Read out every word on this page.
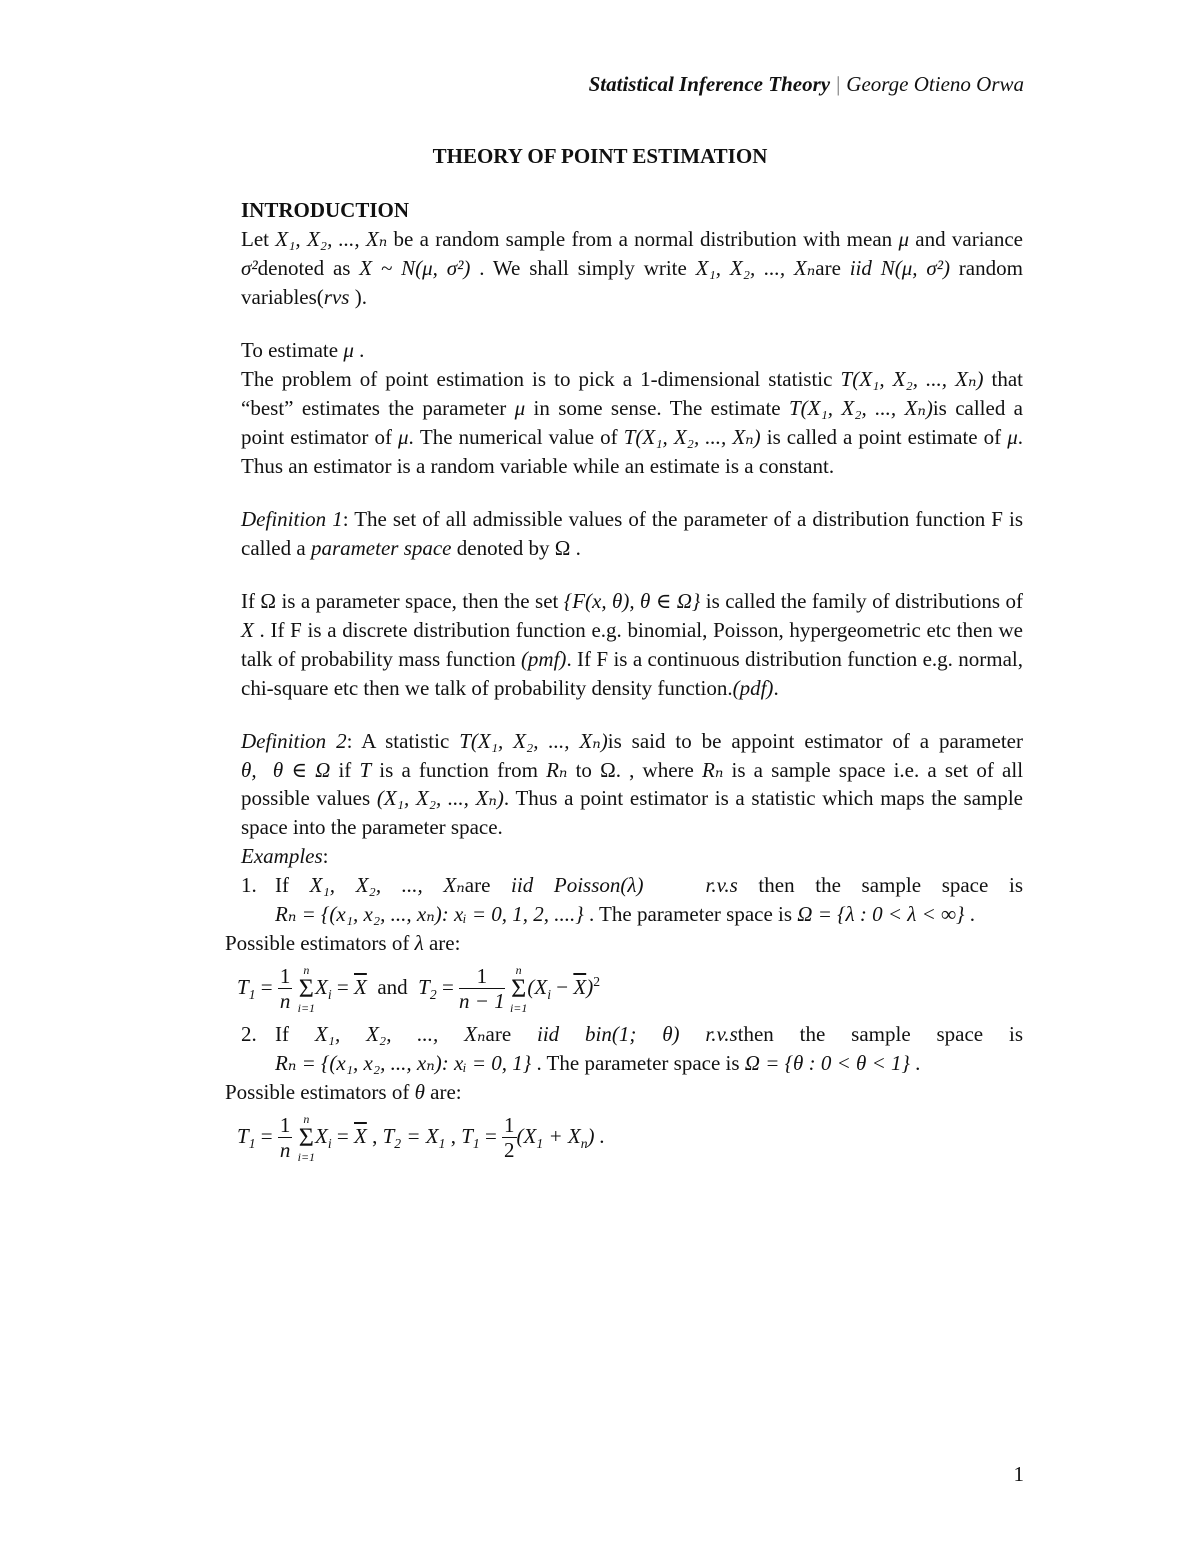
Statistical Inference Theory | George Otieno Orwa
THEORY OF POINT ESTIMATION

INTRODUCTION

Let X₁, X₂, ..., Xₙ be a random sample from a normal distribution with mean μ and variance σ²denoted as X ~ N(μ, σ²) . We shall simply write X₁, X₂, ..., Xₙare iid N(μ, σ²) random variables(rvs ).

To estimate μ .

The problem of point estimation is to pick a 1-dimensional statistic T(X₁, X₂, ..., Xₙ) that “best” estimates the parameter μ in some sense. The estimate T(X₁, X₂, ..., Xₙ)is called a point estimator of μ. The numerical value of T(X₁, X₂, ..., Xₙ) is called a point estimate of μ. Thus an estimator is a random variable while an estimate is a constant.

Definition 1: The set of all admissible values of the parameter of a distribution function F is called a parameter space denoted by Ω .

If Ω is a parameter space, then the set {F(x, θ), θ ∈ Ω} is called the family of distributions of X . If F is a discrete distribution function e.g. binomial, Poisson, hypergeometric etc then we talk of probability mass function (pmf). If F is a continuous distribution function e.g. normal, chi-square etc then we talk of probability density function.(pdf).

Definition 2: A statistic T(X₁, X₂, ..., Xₙ)is said to be appoint estimator of a parameter θ, θ ∈ Ω if T is a function from Rₙ to Ω. , where Rₙ is a sample space i.e. a set of all possible values (X₁, X₂, ..., Xₙ). Thus a point estimator is a statistic which maps the sample space into the parameter space.

Examples:

1. If X₁, X₂, ..., Xₙare iid Poisson(λ)	r.v.s then the sample space is Rₙ = {(x₁, x₂, ..., xₙ): xᵢ = 0, 1, 2, ....} . The parameter space is Ω = {λ : 0 < λ < ∞} .

Possible estimators of λ are:

$T_1 = \frac{1}{n}$
n
Σ
i=1
$X_i = \overline{X}$ and $T_2 = \frac{1}{n - 1}$
n
Σ
i=1
$(X_i - \overline{X})^2$
2. If X₁, X₂, ..., Xₙare iid bin(1; θ) r.v.sthen the sample space is Rₙ = {(x₁, x₂, ..., xₙ): xᵢ = 0, 1} . The parameter space is Ω = {θ : 0 < θ < 1} .

Possible estimators of θ are:

$T_1 = \frac{1}{n}$
n
Σ
i=1
$X_i = \overline{X}$ , $T_2 = X_1$ , $T_1 = \frac{1}{2} (X_1 + X_n)$ .
1
